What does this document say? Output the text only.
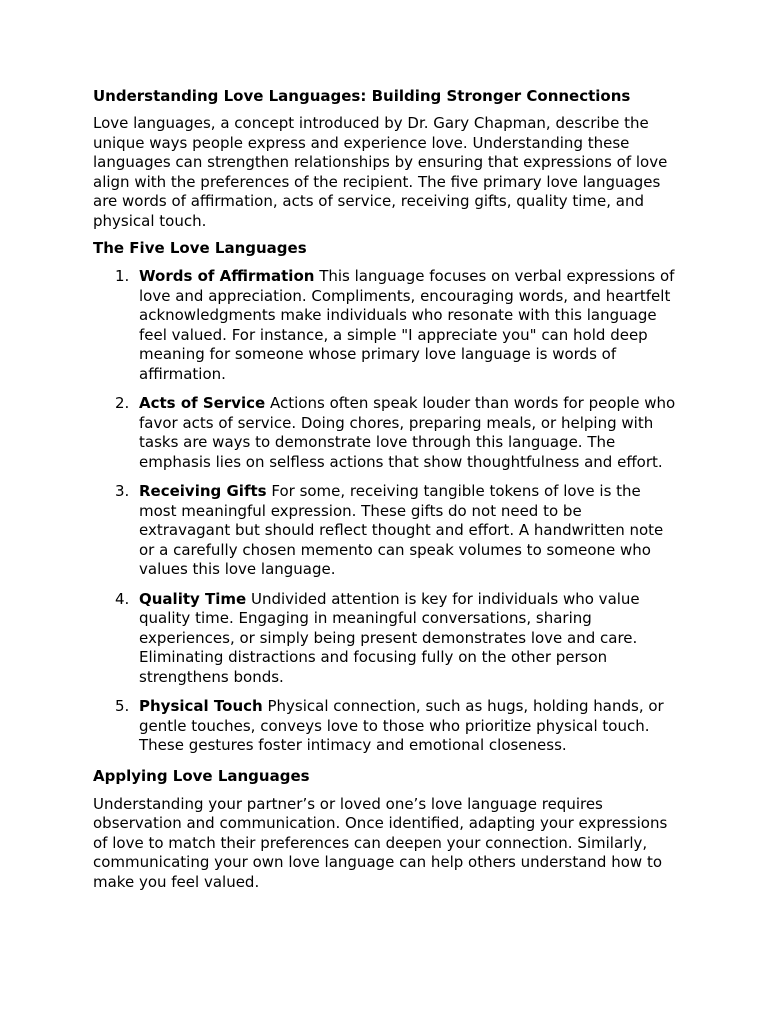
Understanding Love Languages: Building Stronger Connections

Love languages, a concept introduced by Dr. Gary Chapman, describe the unique ways people express and experience love. Understanding these languages can strengthen relationships by ensuring that expressions of love align with the preferences of the recipient. The five primary love languages are words of affirmation, acts of service, receiving gifts, quality time, and physical touch.

The Five Love Languages
1. Words of Affirmation This language focuses on verbal expressions of love and appreciation. Compliments, encouraging words, and heartfelt acknowledgments make individuals who resonate with this language feel valued. For instance, a simple "I appreciate you" can hold deep meaning for someone whose primary love language is words of affirmation.
2. Acts of Service Actions often speak louder than words for people who favor acts of service. Doing chores, preparing meals, or helping with tasks are ways to demonstrate love through this language. The emphasis lies on selfless actions that show thoughtfulness and effort.
3. Receiving Gifts For some, receiving tangible tokens of love is the most meaningful expression. These gifts do not need to be extravagant but should reflect thought and effort. A handwritten note or a carefully chosen memento can speak volumes to someone who values this love language.
4. Quality Time Undivided attention is key for individuals who value quality time. Engaging in meaningful conversations, sharing experiences, or simply being present demonstrates love and care. Eliminating distractions and focusing fully on the other person strengthens bonds.
5. Physical Touch Physical connection, such as hugs, holding hands, or gentle touches, conveys love to those who prioritize physical touch. These gestures foster intimacy and emotional closeness.
Applying Love Languages

Understanding your partner’s or loved one’s love language requires observation and communication. Once identified, adapting your expressions of love to match their preferences can deepen your connection. Similarly, communicating your own love language can help others understand how to make you feel valued.
